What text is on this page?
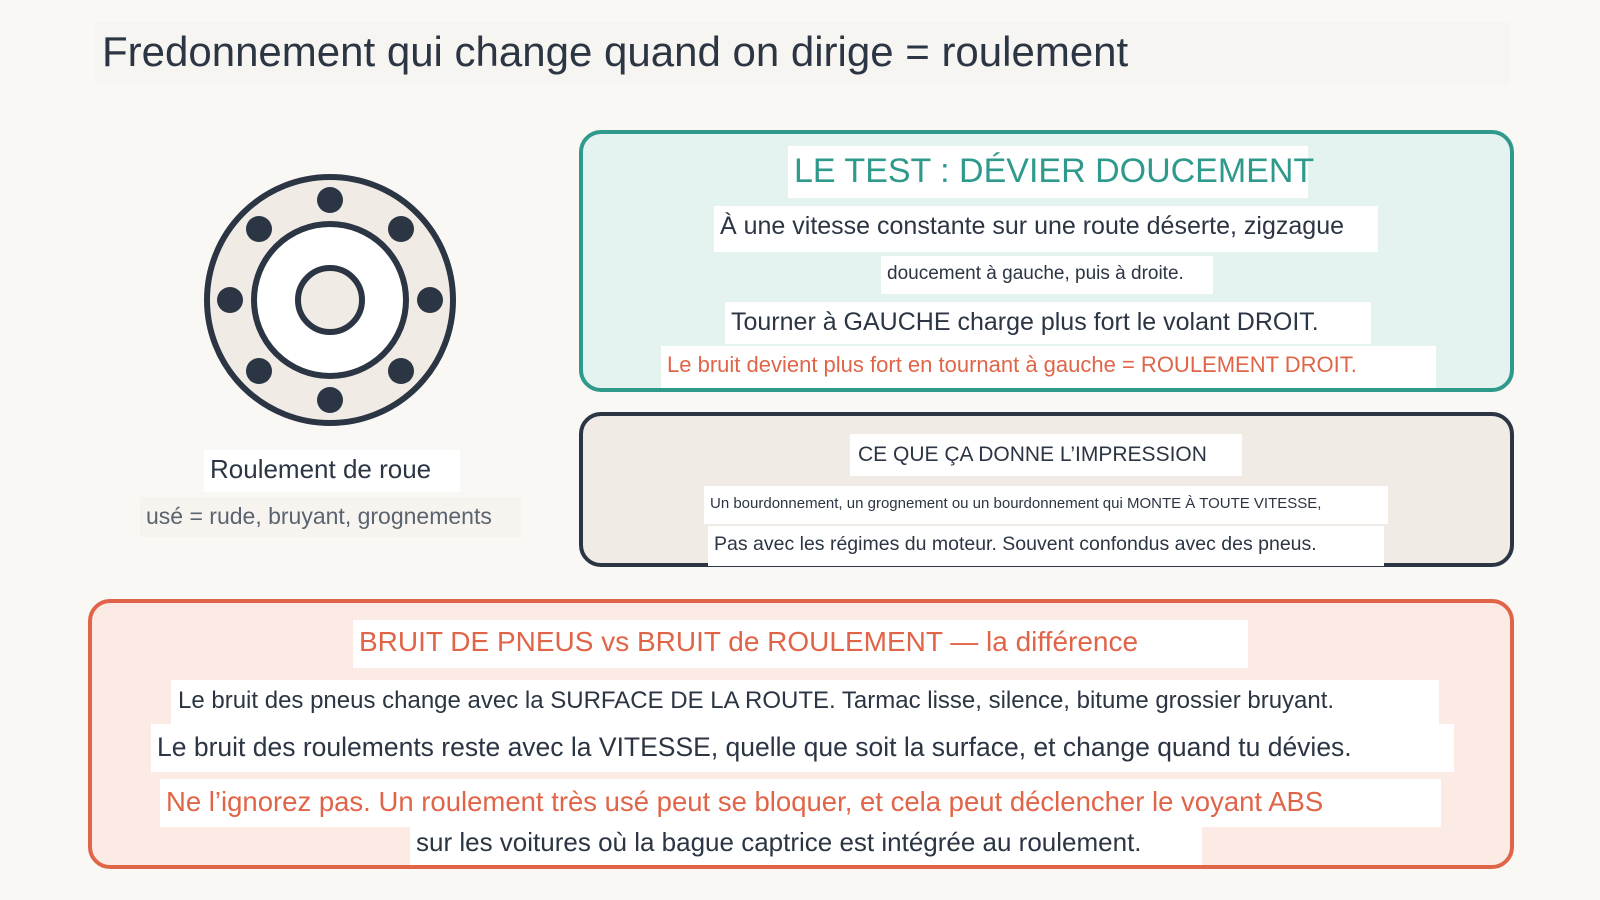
Fredonnement qui change quand on dirige = roulement
Roulement de roue
usé = rude, bruyant, grognements
LE TEST : DÉVIER DOUCEMENT
À une vitesse constante sur une route déserte, zigzague
doucement à gauche, puis à droite.
Tourner à GAUCHE charge plus fort le volant DROIT.
Le bruit devient plus fort en tournant à gauche = ROULEMENT DROIT.
CE QUE ÇA DONNE L’IMPRESSION
Un bourdonnement, un grognement ou un bourdonnement qui MONTE À TOUTE VITESSE,
Pas avec les régimes du moteur. Souvent confondus avec des pneus.
BRUIT DE PNEUS vs BRUIT de ROULEMENT — la différence
Le bruit des pneus change avec la SURFACE DE LA ROUTE. Tarmac lisse, silence, bitume grossier bruyant.
Le bruit des roulements reste avec la VITESSE, quelle que soit la surface, et change quand tu dévies.
Ne l’ignorez pas. Un roulement très usé peut se bloquer, et cela peut déclencher le voyant ABS
sur les voitures où la bague captrice est intégrée au roulement.
